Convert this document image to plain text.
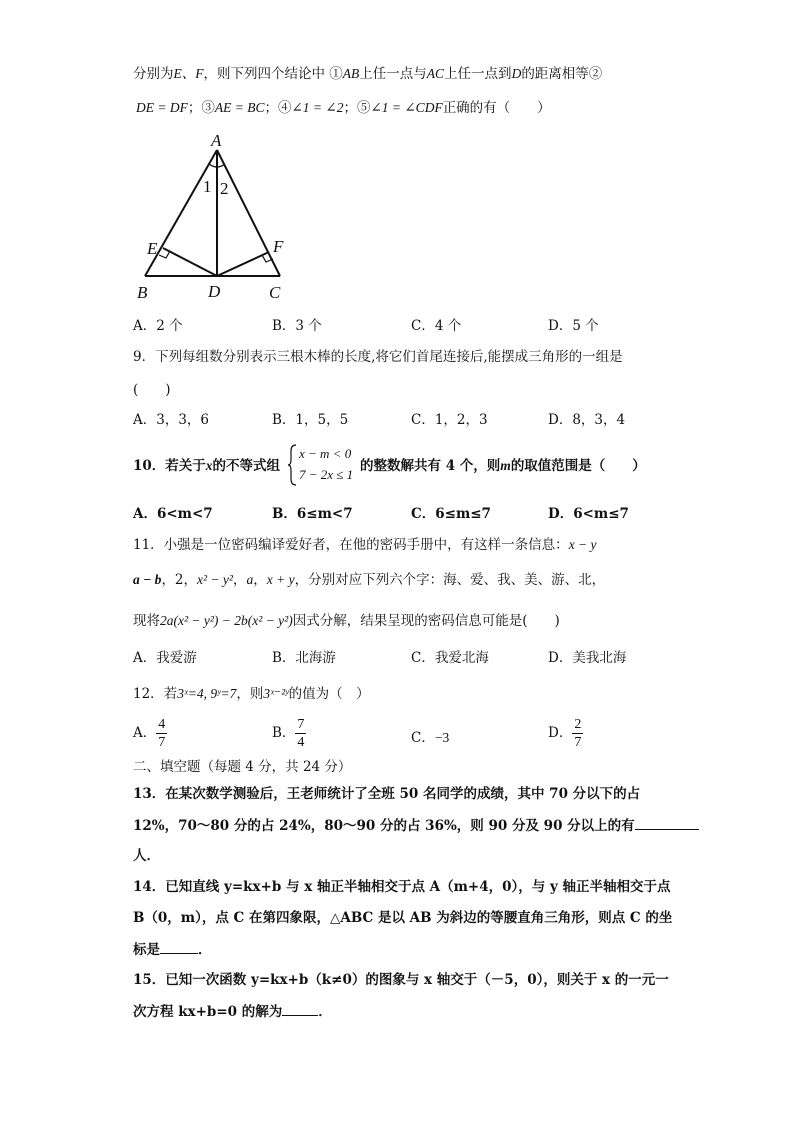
分别为E、F，则下列四个结论中 ①AB上任一点与AC上任一点到D的距离相等②
DE = DF；③AE = BC；④∠1 = ∠2；⑤∠1 = ∠CDF正确的有（　　）
A
B	C
D
E	F
1 2
A．2 个	B．3 个	C．4 个	D．5 个
9．下列每组数分别表示三根木棒的长度,将它们首尾连接后,能摆成三角形的一组是
(　　)
A．3，3，6	B．1，5，5	C．1，2，3	D．8，3，4
10．若关于x的不等式组
x − m < 0
7 − 2x ≤ 1
的整数解共有 4 个，则m的取值范围是（　　）
A．6<m<7	B．6≤m<7	C．6≤m≤7	D．6<m≤7
11．小强是一位密码编译爱好者，在他的密码手册中，有这样一条信息：x − y
a − b，2，x² − y²，a，x + y，分别对应下列六个字：海、爱、我、美、游、北，
现将2a(x² − y²) − 2b(x² − y²)因式分解，结果呈现的密码信息可能是(　　)
A．我爱游	B．北海游	C．我爱北海	D．美我北海
12．若3ˣ=4, 9ʸ=7，则3ˣ⁻²ʸ的值为（　）
A． $\frac{4}{7}$	B． $\frac{7}{4}$	C．−3	D． $\frac{2}{7}$
二、填空题（每题 4 分，共 24 分）
13．在某次数学测验后，王老师统计了全班 50 名同学的成绩，其中 70 分以下的占
12%，70～80 分的占 24%，80～90 分的占 36%，则 90 分及 90 分以上的有
人．
14．已知直线 y=kx+b 与 x 轴正半轴相交于点 A（m+4，0），与 y 轴正半轴相交于点
B（0，m），点 C 在第四象限，△ABC 是以 AB 为斜边的等腰直角三角形，则点 C 的坐
标是	．
15．已知一次函数 y=kx+b（k≠0）的图象与 x 轴交于（－5，0），则关于 x 的一元一
次方程 kx+b=0 的解为	．
